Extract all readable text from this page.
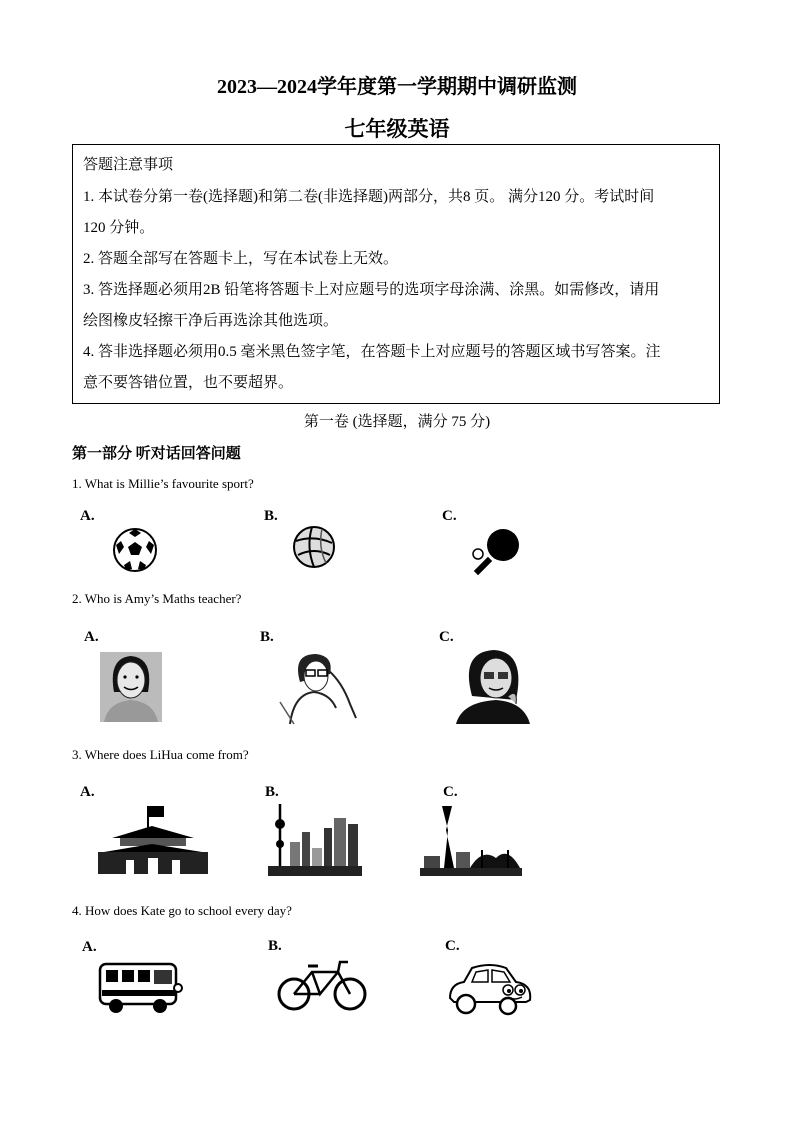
2023—2024学年度第一学期期中调研监测
七年级英语
答题注意事项

1. 本试卷分第一卷(选择题)和第二卷(非选择题)两部分，共8 页。 满分120 分。考试时间

120 分钟。

2. 答题全部写在答题卡上，写在本试卷上无效。

3. 答选择题必须用2B 铅笔将答题卡上对应题号的选项字母涂满、涂黑。如需修改，请用

绘图橡皮轻擦干净后再选涂其他选项。

4. 答非选择题必须用0.5 毫米黑色签字笔，在答题卡上对应题号的答题区域书写答案。注

意不要答错位置，也不要超界。

第一卷 (选择题，满分 75 分)
第一部分 听对话回答问题
1. What is Millie’s favourite sport?
A.	B.	C.
2. Who is Amy’s Maths teacher?
A.	B.	C.
3. Where does LiHua come from?
A.	B.	C.
4. How does Kate go to school every day?
A.	B.	C.
